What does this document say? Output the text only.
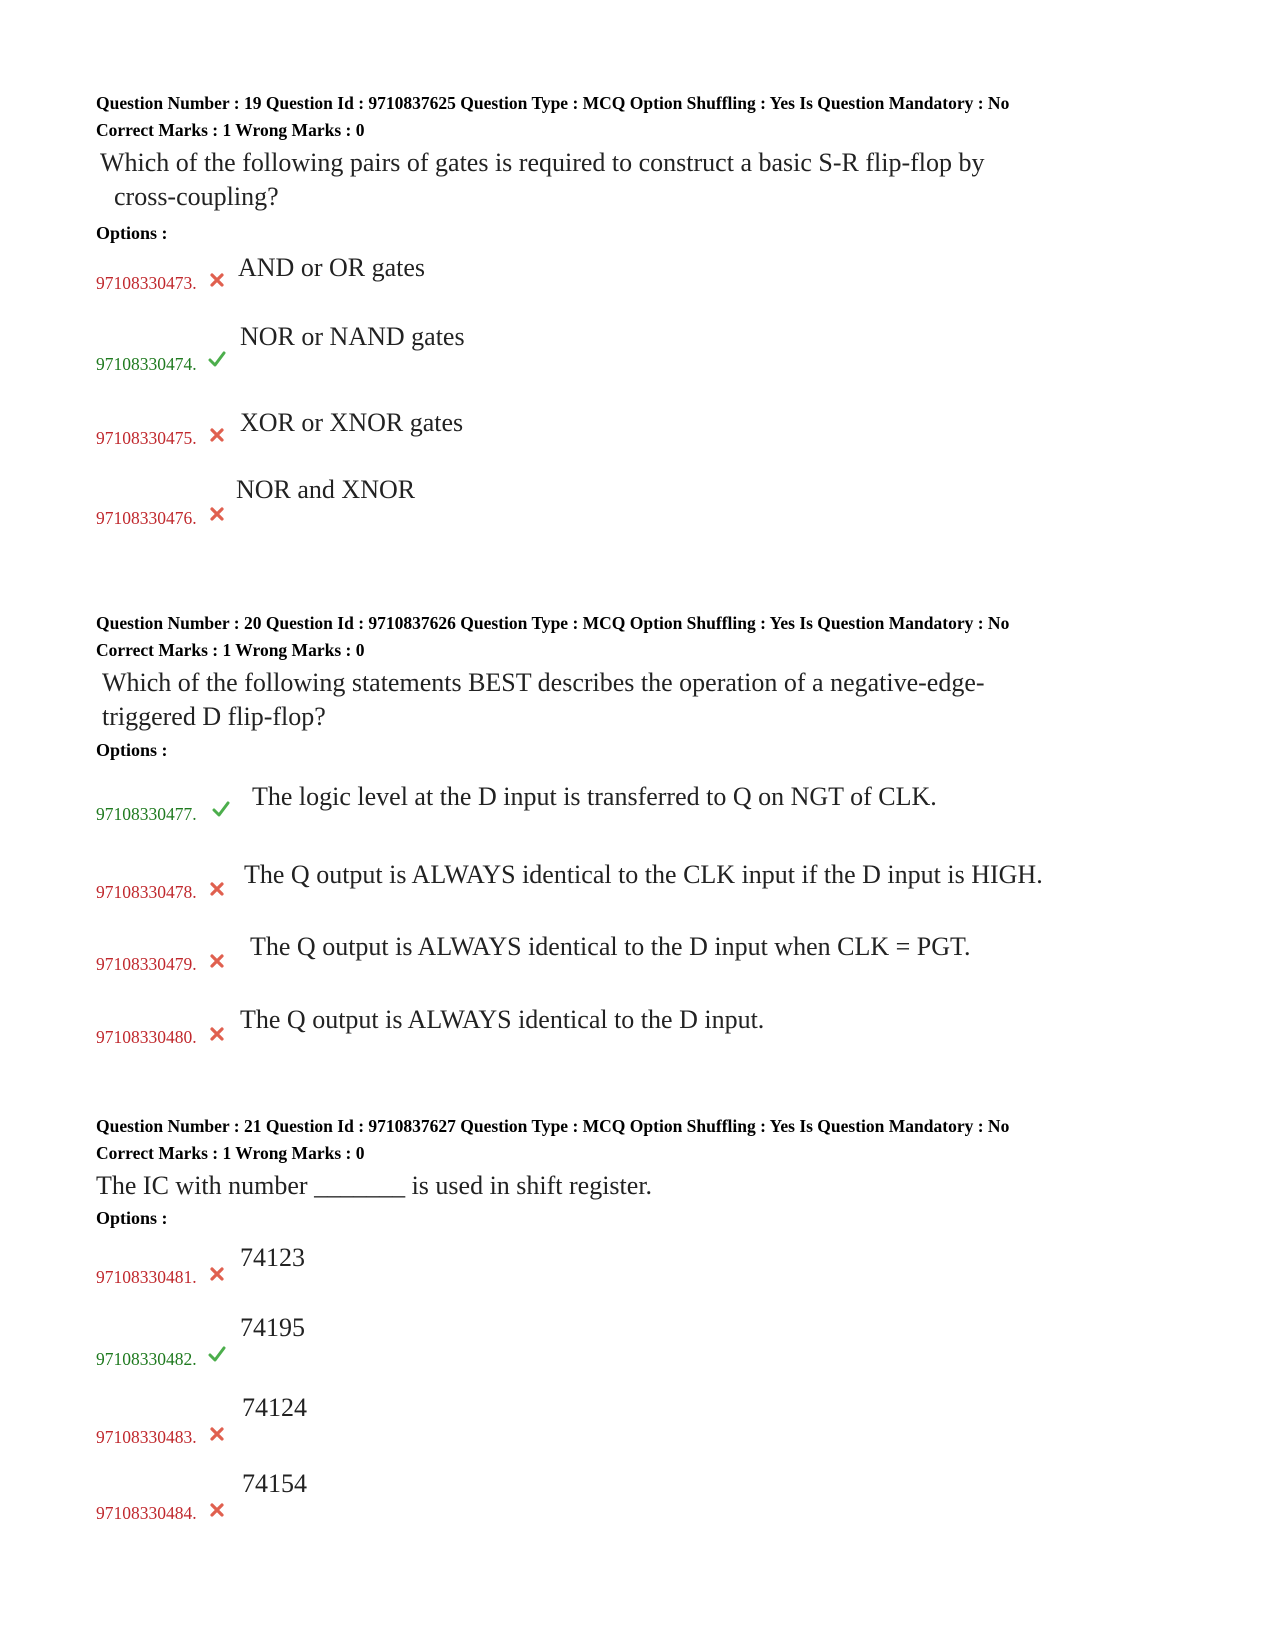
Question Number : 19 Question Id : 9710837625 Question Type : MCQ Option Shuffling : Yes Is Question Mandatory : No
Correct Marks : 1 Wrong Marks : 0
Which of the following pairs of gates is required to construct a basic S-R flip-flop by
cross-coupling?
Options :
97108330473.
AND or OR gates
97108330474.
NOR or NAND gates
97108330475.
XOR or XNOR gates
97108330476.
NOR and XNOR
Question Number : 20 Question Id : 9710837626 Question Type : MCQ Option Shuffling : Yes Is Question Mandatory : No
Correct Marks : 1 Wrong Marks : 0
Which of the following statements BEST describes the operation of a negative-edge-
triggered D flip-flop?
Options :
97108330477.
The logic level at the D input is transferred to Q on NGT of CLK.
97108330478.
The Q output is ALWAYS identical to the CLK input if the D input is HIGH.
97108330479.
The Q output is ALWAYS identical to the D input when CLK = PGT.
97108330480.
The Q output is ALWAYS identical to the D input.
Question Number : 21 Question Id : 9710837627 Question Type : MCQ Option Shuffling : Yes Is Question Mandatory : No
Correct Marks : 1 Wrong Marks : 0
The IC with number _______ is used in shift register.
Options :
97108330481.
74123
97108330482.
74195
97108330483.
74124
97108330484.
74154
